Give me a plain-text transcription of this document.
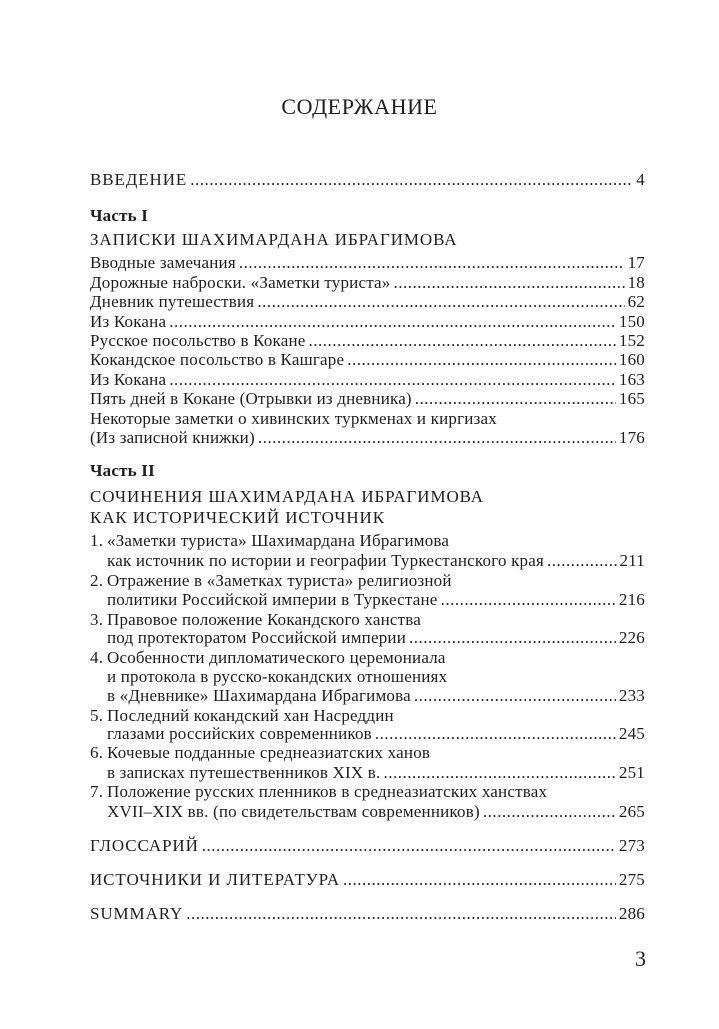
СОДЕРЖАНИЕ
ВВЕДЕНИЕ .....	4
Часть I
ЗАПИСКИ ШАХИМАРДАНА ИБРАГИМОВА
Вводные замечания .....	17
Дорожные наброски. «Заметки туриста» .....	18
Дневник путешествия .....	62
Из Кокана .....	150
Русское посольство в Кокане .....	152
Кокандское посольство в Кашгаре .....	160
Из Кокана .....	163
Пять дней в Кокане (Отрывки из дневника) .....	165
Некоторые заметки о хивинских туркменах и киргизах
(Из записной книжки) .....	176
Часть II
СОЧИНЕНИЯ ШАХИМАРДАНА ИБРАГИМОВА
КАК ИСТОРИЧЕСКИЙ ИСТОЧНИК
1. «Заметки туриста» Шахимардана Ибрагимова
как источник по истории и географии Туркестанского края .....	211
2. Отражение в «Заметках туриста» религиозной
политики Российской империи в Туркестане .....	216
3. Правовое положение Кокандского ханства
под протекторатом Российской империи .....	226
4. Особенности дипломатического церемониала
и протокола в русско-кокандских отношениях
в «Дневнике» Шахимардана Ибрагимова .....	233
5. Последний кокандский хан Насреддин
глазами российских современников .....	245
6. Кочевые подданные среднеазиатских ханов
в записках путешественников XIX в. .....	251
7. Положение русских пленников в среднеазиатских ханствах
XVII–XIX вв. (по свидетельствам современников) .....	265
ГЛОССАРИЙ .....	273
ИСТОЧНИКИ И ЛИТЕРАТУРА .....	275
SUMMARY .....	286
3
